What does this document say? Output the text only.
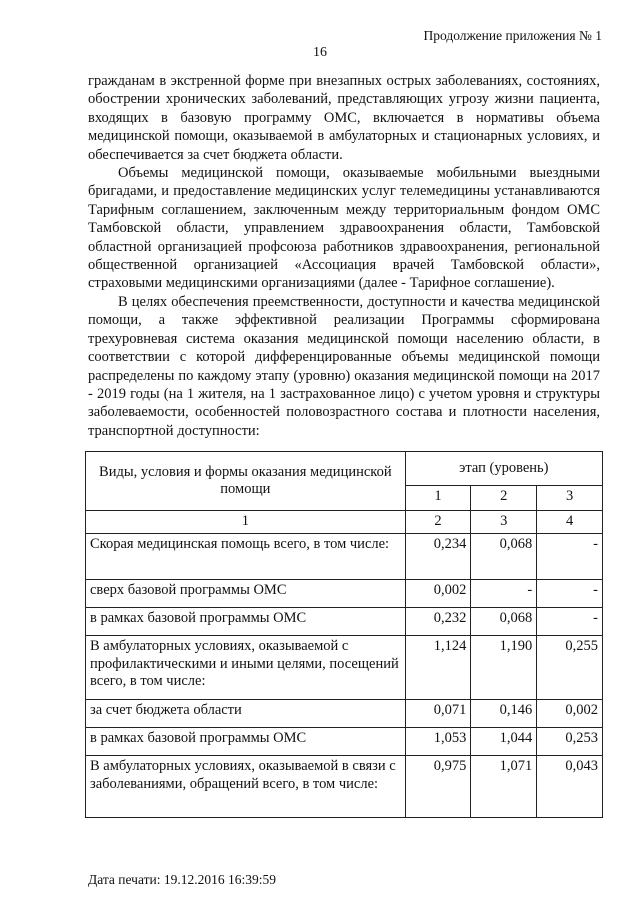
Продолжение приложения № 1
16

гражданам в экстренной форме при внезапных острых заболеваниях, состояниях, обострении хронических заболеваний, представляющих угрозу жизни пациента, входящих в базовую программу ОМС, включается в нормативы объема медицинской помощи, оказываемой в амбулаторных и стационарных условиях, и обеспечивается за счет бюджета области.

Объемы медицинской помощи, оказываемые мобильными выездными бригадами, и предоставление медицинских услуг телемедицины устанавливаются Тарифным соглашением, заключенным между территориальным фондом ОМС Тамбовской области, управлением здравоохранения области, Тамбовской областной организацией профсоюза работников здравоохранения, региональной общественной организацией «Ассоциация врачей Тамбовской области», страховыми медицинскими организациями (далее - Тарифное соглашение).

В целях обеспечения преемственности, доступности и качества медицинской помощи, а также эффективной реализации Программы сформирована трехуровневая система оказания медицинской помощи населению области, в соответствии с которой дифференцированные объемы медицинской помощи распределены по каждому этапу (уровню) оказания медицинской помощи на 2017 - 2019 годы (на 1 жителя, на 1 застрахованное лицо) с учетом уровня и структуры заболеваемости, особенностей половозрастного состава и плотности населения, транспортной доступности:

Виды, условия и формы оказания медицинской помощи	этап (уровень)		
	1	2	3
1	2	3	4
Скорая медицинская помощь всего, в том числе:	0,234	0,068	-
сверх базовой программы ОМС	0,002	-	-
в рамках базовой программы ОМС	0,232	0,068	-
В амбулаторных условиях, оказываемой с профилактическими и иными целями, посещений всего, в том числе:	1,124	1,190	0,255
за счет бюджета области	0,071	0,146	0,002
в рамках базовой программы ОМС	1,053	1,044	0,253
В амбулаторных условиях, оказываемой в связи с заболеваниями, обращений всего, в том числе:	0,975	1,071	0,043
Дата печати: 19.12.2016 16:39:59
